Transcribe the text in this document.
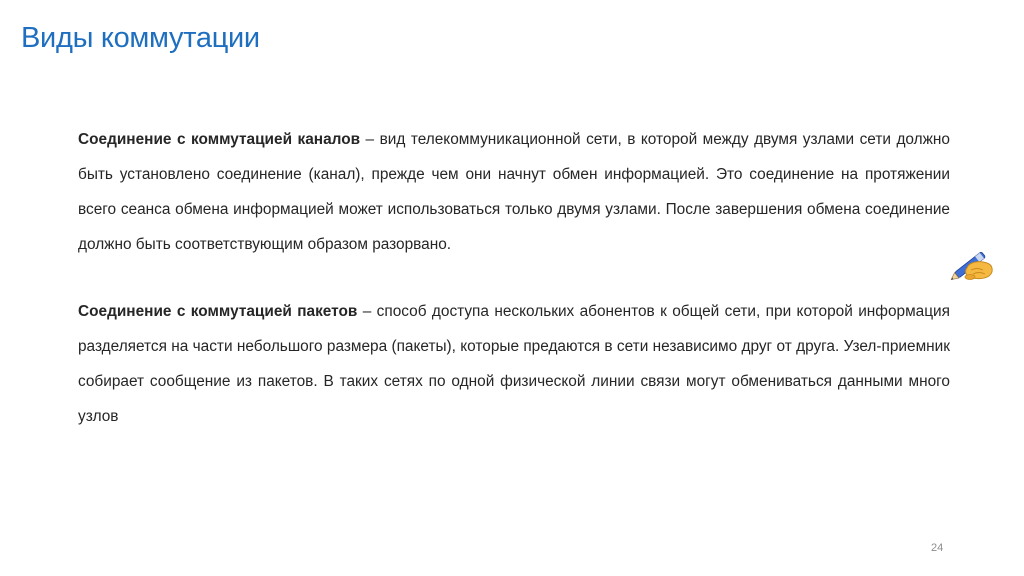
Виды коммутации
Соединение с коммутацией каналов – вид телекоммуникационной сети, в которой между двумя узлами сети должно быть установлено соединение (канал), прежде чем они начнут обмен информацией. Это соединение на протяжении всего сеанса обмена информацией может использоваться только двумя узлами. После завершения обмена соединение должно быть соответствующим образом разорвано.
Соединение с коммутацией пакетов – способ доступа нескольких абонентов к общей сети, при которой информация разделяется на части небольшого размера (пакеты), которые предаются в сети независимо друг от друга. Узел-приемник собирает сообщение из пакетов. В таких сетях по одной физической линии связи могут обмениваться данными много узлов
24
